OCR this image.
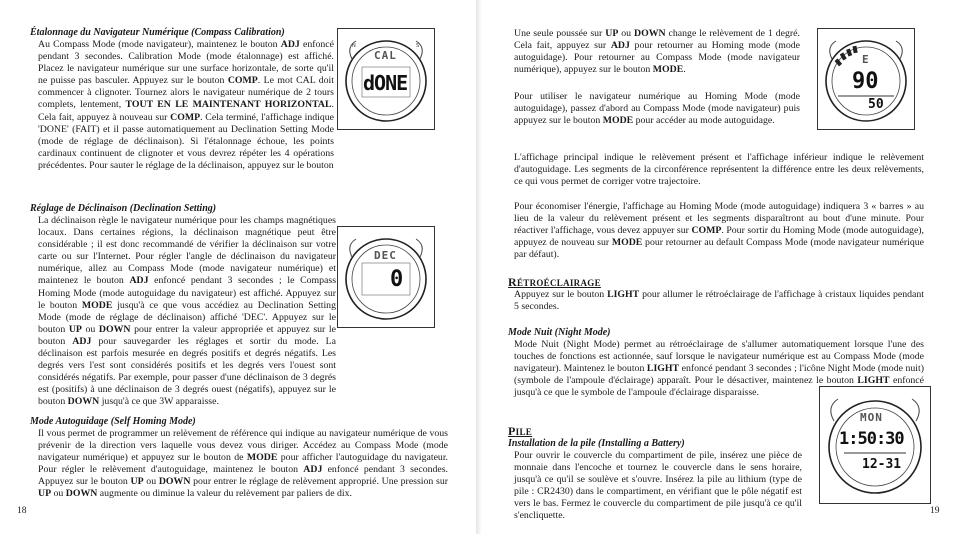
Étalonnage du Navigateur Numérique (Compass Calibration)
Au Compass Mode (mode navigateur), maintenez le bouton ADJ enfoncé pendant 3 secondes. Calibration Mode (mode étalonnage) est affiché. Placez le navigateur numérique sur une surface horizontale, de sorte qu'il ne puisse pas basculer. Appuyez sur le bouton COMP. Le mot CAL doit commencer à clignoter. Tournez alors le navigateur numérique de 2 tours complets, lentement, TOUT EN LE MAINTENANT HORIZONTAL. Cela fait, appuyez à nouveau sur COMP. Cela terminé, l'affichage indique 'DONE' (FAIT) et il passe automatiquement au Declination Setting Mode (mode de réglage de déclinaison). Si l'étalonnage échoue, les points cardinaux continuent de clignoter et vous devrez répéter les 4 opérations précédentes. Pour sauter le réglage de la déclinaison, appuyez sur le bouton
N	S
CAL
dONE
Réglage de Déclinaison (Declination Setting)
La déclinaison règle le navigateur numérique pour les champs magnétiques locaux. Dans certaines régions, la déclinaison magnétique peut être considérable ; il est donc recommandé de vérifier la déclinaison sur votre carte ou sur l'Internet. Pour régler l'angle de déclinaison du navigateur numérique, allez au Compass Mode (mode navigateur numérique) et maintenez le bouton ADJ enfoncé pendant 3 secondes ; le Compass Homing Mode (mode autoguidage du navigateur) est affiché. Appuyez sur le bouton MODE jusqu'à ce que vous accédiez au Declination Setting Mode (mode de réglage de déclinaison) affiché 'DEC'. Appuyez sur le bouton UP ou DOWN pour entrer la valeur appropriée et appuyez sur le bouton ADJ pour sauvegarder les réglages et sortir du mode. La déclinaison est parfois mesurée en degrés positifs et degrés négatifs. Les degrés vers l'est sont considérés positifs et les degrés vers l'ouest sont considérés négatifs. Par exemple, pour passer d'une déclinaison de 3 degrés est (positifs) à une déclinaison de 3 degrés ouest (négatifs), appuyez sur le bouton DOWN jusqu'à ce que 3W apparaisse.
DEC
0
Mode Autoguidage (Self Homing Mode)
Il vous permet de programmer un relèvement de référence qui indique au navigateur numérique de vous prévenir de la direction vers laquelle vous devez vous diriger. Accédez au Compass Mode (mode navigateur numérique) et appuyez sur le bouton de MODE pour afficher l'autoguidage du navigateur. Pour régler le relèvement d'autoguidage, maintenez le bouton ADJ enfoncé pendant 3 secondes. Appuyez sur le bouton UP ou DOWN pour entrer le réglage de relèvement approprié. Une pression sur UP ou DOWN augmente ou diminue la valeur du relèvement par paliers de dix.
18
Une seule poussée sur UP ou DOWN change le relèvement de 1 degré. Cela fait, appuyez sur ADJ pour retourner au Homing mode (mode autoguidage). Pour retourner au Compass Mode (mode navigateur numérique), appuyez sur le bouton MODE.
Pour utiliser le navigateur numérique au Homing Mode (mode autoguidage), passez d'abord au Compass Mode (mode navigateur) puis appuyez sur le bouton MODE pour accéder au mode autoguidage.
E
90
50
L'affichage principal indique le relèvement présent et l'affichage inférieur indique le relèvement d'autoguidage. Les segments de la circonférence représentent la différence entre les deux relèvements, ce qui vous permet de corriger votre trajectoire.
Pour économiser l'énergie, l'affichage au Homing Mode (mode autoguidage) indiquera 3 « barres » au lieu de la valeur du relèvement présent et les segments disparaîtront au bout d'une minute. Pour réactiver l'affichage, vous devez appuyer sur COMP. Pour sortir du Homing Mode (mode autoguidage), appuyez de nouveau sur MODE pour retourner au default Compass Mode (mode navigateur numérique par défaut).
RÉTROÉCLAIRAGE
Appuyez sur le bouton LIGHT pour allumer le rétroéclairage de l'affichage à cristaux liquides pendant 5 secondes.
Mode Nuit (Night Mode)
Mode Nuit (Night Mode) permet au rétroéclairage de s'allumer automatiquement lorsque l'une des touches de fonctions est actionnée, sauf lorsque le navigateur numérique est au Compass Mode (mode navigateur). Maintenez le bouton LIGHT enfoncé pendant 3 secondes ; l'icône Night Mode (mode nuit) (symbole de l'ampoule d'éclairage) apparaît. Pour le désactiver, maintenez le bouton LIGHT enfoncé jusqu'à ce que le symbole de l'ampoule d'éclairage disparaisse.
PILE
Installation de la pile (Installing a Battery)
Pour ouvrir le couvercle du compartiment de pile, insérez une pièce de monnaie dans l'encoche et tournez le couvercle dans le sens horaire, jusqu'à ce qu'il se soulève et s'ouvre. Insérez la pile au lithium (type de pile : CR2430) dans le compartiment, en vérifiant que le pôle négatif est vers le bas. Fermez le couvercle du compartiment de pile jusqu'à ce qu'il s'encliquette.
MON
1:50:30
12-31
19
